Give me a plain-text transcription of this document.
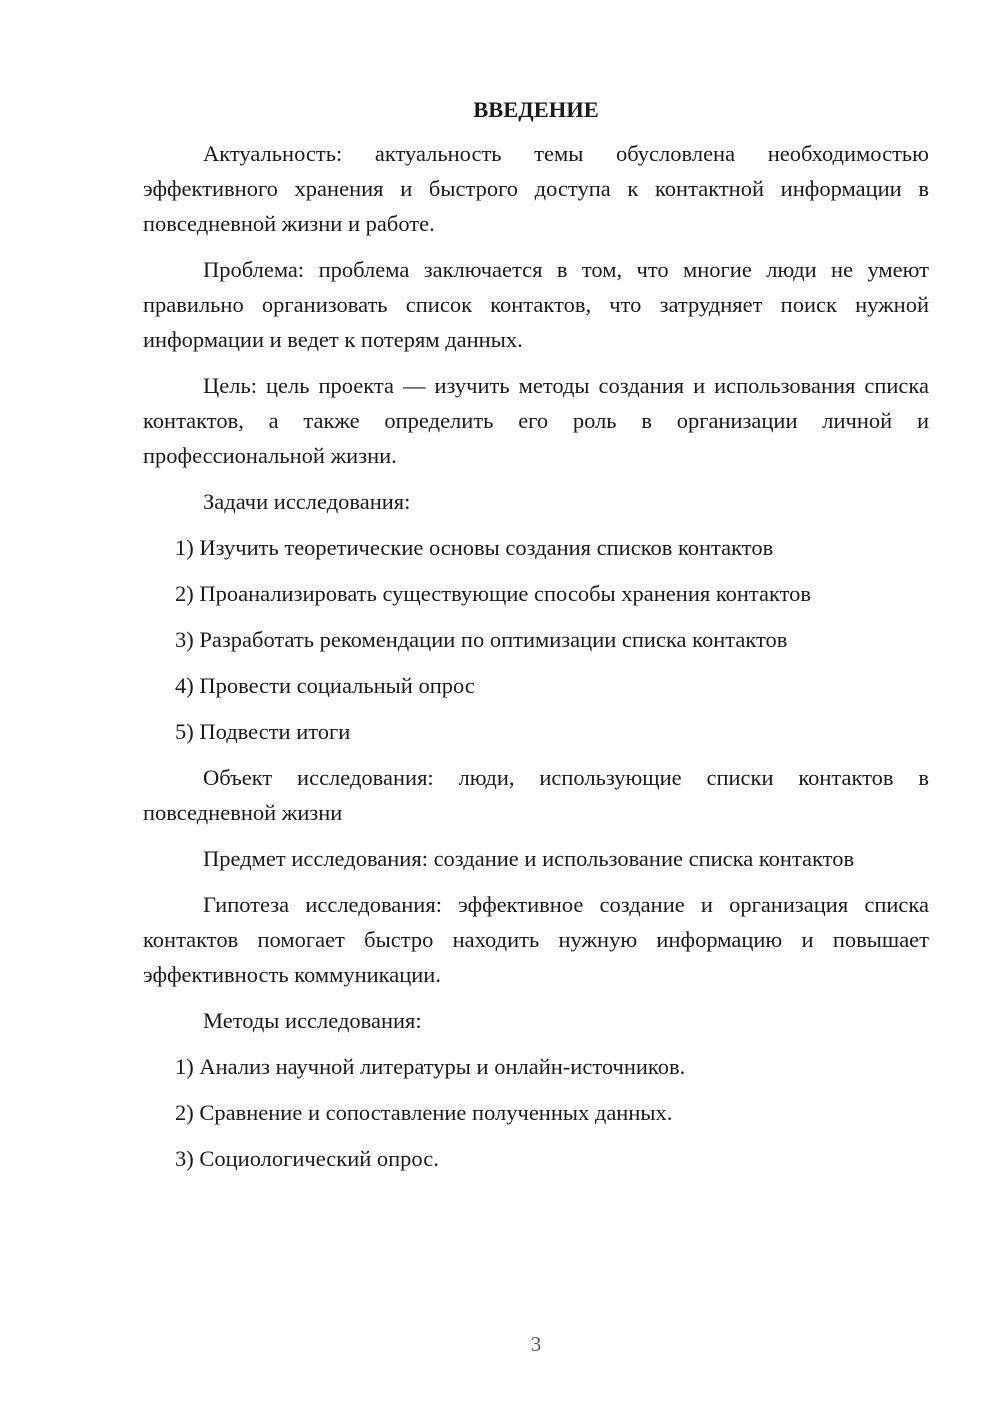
ВВЕДЕНИЕ

Актуальность: актуальность темы обусловлена необходимостью эффективного хранения и быстрого доступа к контактной информации в повседневной жизни и работе.

Проблема: проблема заключается в том, что многие люди не умеют правильно организовать список контактов, что затрудняет поиск нужной информации и ведет к потерям данных.

Цель: цель проекта — изучить методы создания и использования списка контактов, а также определить его роль в организации личной и профессиональной жизни.

Задачи исследования:

1) Изучить теоретические основы создания списков контактов
2) Проанализировать существующие способы хранения контактов
3) Разработать рекомендации по оптимизации списка контактов
4) Провести социальный опрос
5) Подвести итоги

Объект исследования: люди, использующие списки контактов в повседневной жизни

Предмет исследования: создание и использование списка контактов

Гипотеза исследования: эффективное создание и организация списка контактов помогает быстро находить нужную информацию и повышает эффективность коммуникации.

Методы исследования:

1) Анализ научной литературы и онлайн-источников.
2) Сравнение и сопоставление полученных данных.
3) Социологический опрос.
3
